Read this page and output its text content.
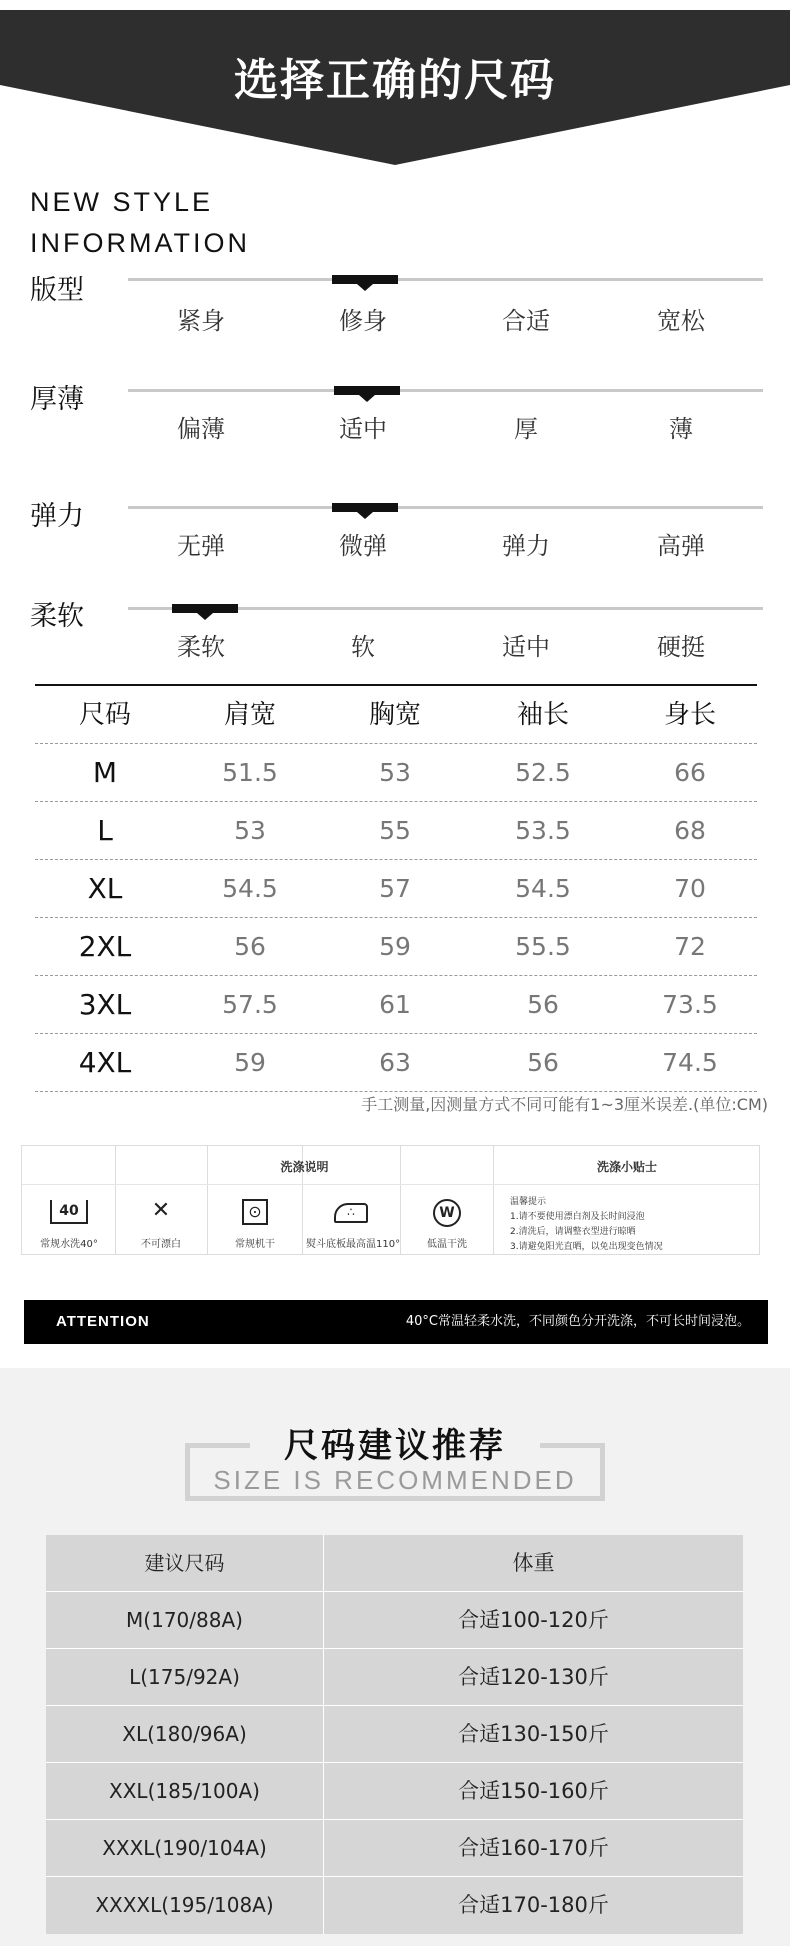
选择正确的尺码
NEW STYLE
INFORMATION
版型
紧身	修身	合适	宽松
厚薄
偏薄	适中	厚	薄
弹力
无弹	微弹	弹力	高弹
柔软
柔软	软	适中	硬挺
尺码	肩宽	胸宽	袖长	身长
M	51.5	53	52.5	66
L	53	55	53.5	68
XL	54.5	57	54.5	70
2XL	56	59	55.5	72
3XL	57.5	61	56	73.5
4XL	59	63	56	74.5
手工测量,因测量方式不同可能有1~3厘米误差.(单位:CM)
洗涤说明	洗涤小贴士
40	✕	⊙	∴	W
常规水洗40°	不可漂白	常规机干	熨斗底板最高温110°	低温干洗
温馨提示
1.请不要使用漂白剂及长时间浸泡
2.清洗后，请调整衣型进行晾晒
3.请避免阳光直晒，以免出现变色情况
ATTENTION	40°C常温轻柔水洗，不同颜色分开洗涤，不可长时间浸泡。
尺码建议推荐
SIZE IS RECOMMENDED
建议尺码	体重
M(170/88A)	合适100-120斤
L(175/92A)	合适120-130斤
XL(180/96A)	合适130-150斤
XXL(185/100A)	合适150-160斤
XXXL(190/104A)	合适160-170斤
XXXXL(195/108A)	合适170-180斤
